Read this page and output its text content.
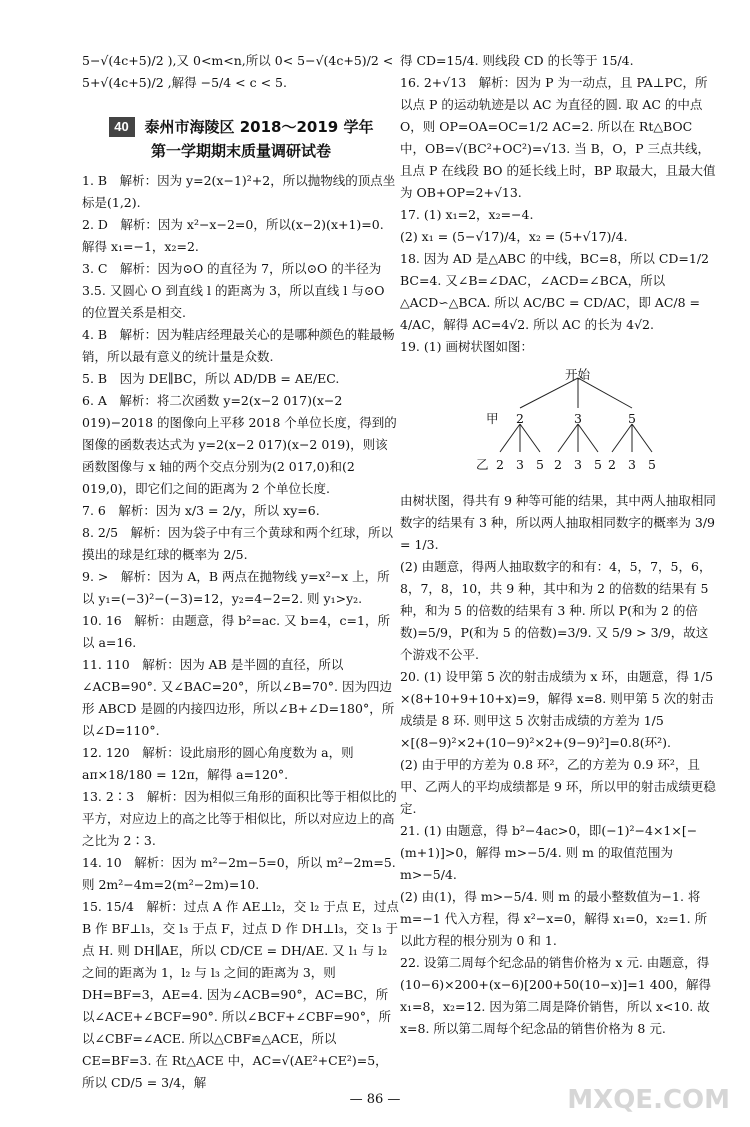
5−√(4c+5)/2 ),又 0<m<n,所以 0< 5−√(4c+5)/2 <

5+√(4c+5)/2 ,解得 −5/4 < c < 5.

40	泰州市海陵区 2018～2019 学年
第一学期期末质量调研试卷

1. B　解析：因为 y=2(x−1)²+2，所以抛物线的顶点坐标是(1,2).

2. D　解析：因为 x²−x−2=0，所以(x−2)(x+1)=0. 解得 x₁=−1，x₂=2.

3. C　解析：因为⊙O 的直径为 7，所以⊙O 的半径为 3.5. 又圆心 O 到直线 l 的距离为 3，所以直线 l 与⊙O 的位置关系是相交.

4. B　解析：因为鞋店经理最关心的是哪种颜色的鞋最畅销，所以最有意义的统计量是众数.

5. B　因为 DE∥BC，所以 AD/DB = AE/EC.

6. A　解析：将二次函数 y=2(x−2 017)(x−2 019)−2018 的图像向上平移 2018 个单位长度，得到的图像的函数表达式为 y=2(x−2 017)(x−2 019)，则该函数图像与 x 轴的两个交点分别为(2 017,0)和(2 019,0)，即它们之间的距离为 2 个单位长度.

7. 6　解析：因为 x/3 = 2/y，所以 xy=6.

8. 2/5　解析：因为袋子中有三个黄球和两个红球，所以摸出的球是红球的概率为 2/5.

9. >　解析：因为 A，B 两点在抛物线 y=x²−x 上，所以 y₁=(−3)²−(−3)=12，y₂=4−2=2. 则 y₁>y₂.

10. 16　解析：由题意，得 b²=ac. 又 b=4，c=1，所以 a=16.

11. 110　解析：因为 AB 是半圆的直径，所以∠ACB=90°. 又∠BAC=20°，所以∠B=70°. 因为四边形 ABCD 是圆的内接四边形，所以∠B+∠D=180°，所以∠D=110°.

12. 120　解析：设此扇形的圆心角度数为 a，则 aπ×18/180 = 12π，解得 a=120°.

13. 2∶3　解析：因为相似三角形的面积比等于相似比的平方，对应边上的高之比等于相似比，所以对应边上的高之比为 2∶3.

14. 10　解析：因为 m²−2m−5=0，所以 m²−2m=5. 则 2m²−4m=2(m²−2m)=10.

15. 15/4　解析：过点 A 作 AE⊥l₂，交 l₂ 于点 E，过点 B 作 BF⊥l₃，交 l₃ 于点 F，过点 D 作 DH⊥l₃，交 l₃ 于点 H. 则 DH∥AE，所以 CD/CE = DH/AE. 又 l₁ 与 l₂ 之间的距离为 1，l₂ 与 l₃ 之间的距离为 3，则 DH=BF=3，AE=4. 因为∠ACB=90°，AC=BC，所以∠ACE+∠BCF=90°. 所以∠BCF+∠CBF=90°，所以∠CBF=∠ACE. 所以△CBF≌△ACE，所以 CE=BF=3. 在 Rt△ACE 中，AC=√(AE²+CE²)=5，所以 CD/5 = 3/4，解

得 CD=15/4. 则线段 CD 的长等于 15/4.

16. 2+√13　解析：因为 P 为一动点，且 PA⊥PC，所以点 P 的运动轨迹是以 AC 为直径的圆. 取 AC 的中点 O，则 OP=OA=OC=1/2 AC=2. 所以在 Rt△BOC 中，OB=√(BC²+OC²)=√13. 当 B，O，P 三点共线，且点 P 在线段 BO 的延长线上时，BP 取最大，且最大值为 OB+OP=2+√13.

17. (1) x₁=2，x₂=−4.

(2) x₁ = (5−√17)/4，x₂ = (5+√17)/4.

18. 因为 AD 是△ABC 的中线，BC=8，所以 CD=1/2 BC=4. 又∠B=∠DAC，∠ACD=∠BCA，所以△ACD∽△BCA. 所以 AC/BC = CD/AC，即 AC/8 = 4/AC，解得 AC=4√2. 所以 AC 的长为 4√2.

19. (1) 画树状图如图：

开始
甲 2	3	5
乙 2 3 5 2 3 5 2 3 5

由树状图，得共有 9 种等可能的结果，其中两人抽取相同数字的结果有 3 种，所以两人抽取相同数字的概率为 3/9 = 1/3.

(2) 由题意，得两人抽取数字的和有：4，5，7，5，6，8，7，8，10，共 9 种，其中和为 2 的倍数的结果有 5 种，和为 5 的倍数的结果有 3 种. 所以 P(和为 2 的倍数)=5/9，P(和为 5 的倍数)=3/9. 又 5/9 > 3/9，故这个游戏不公平.

20. (1) 设甲第 5 次的射击成绩为 x 环，由题意，得 1/5 ×(8+10+9+10+x)=9，解得 x=8. 则甲第 5 次的射击成绩是 8 环. 则甲这 5 次射击成绩的方差为 1/5 ×[(8−9)²×2+(10−9)²×2+(9−9)²]=0.8(环²).

(2) 由于甲的方差为 0.8 环²，乙的方差为 0.9 环²，且甲、乙两人的平均成绩都是 9 环，所以甲的射击成绩更稳定.

21. (1) 由题意，得 b²−4ac>0，即(−1)²−4×1×[−(m+1)]>0，解得 m>−5/4. 则 m 的取值范围为 m>−5/4.

(2) 由(1)，得 m>−5/4. 则 m 的最小整数值为−1. 将 m=−1 代入方程，得 x²−x=0，解得 x₁=0，x₂=1. 所以此方程的根分别为 0 和 1.

22. 设第二周每个纪念品的销售价格为 x 元. 由题意，得(10−6)×200+(x−6)[200+50(10−x)]=1 400，解得 x₁=8，x₂=12. 因为第二周是降价销售，所以 x<10. 故 x=8. 所以第二周每个纪念品的销售价格为 8 元.

— 86 —	MXQE.COM
